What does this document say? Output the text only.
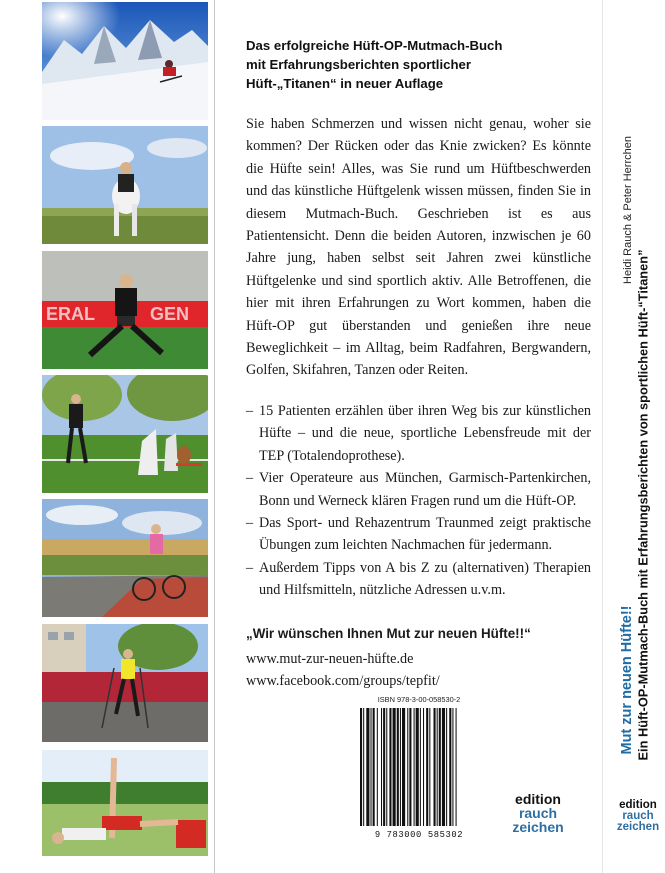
ERAL	GEN
Das erfolgreiche Hüft-OP-Mutmach-Buch
mit Erfahrungsberichten sportlicher
Hüft-„Titanen“ in neuer Auflage

Sie haben Schmerzen und wissen nicht genau, woher sie kommen? Der Rücken oder das Knie zwicken? Es könnte die Hüfte sein! Alles, was Sie rund um Hüftbeschwerden und das künstliche Hüftgelenk wissen müssen, finden Sie in diesem Mutmach-Buch. Geschrieben ist es aus Patientensicht. Denn die beiden Autoren, inzwischen je 60 Jahre jung, haben selbst seit Jahren zwei künstliche Hüftgelenke und sind sportlich aktiv. Alle Betroffenen, die hier mit ihren Erfahrungen zu Wort kommen, haben die Hüft-OP gut überstanden und genießen ihre neue Beweglichkeit – im Alltag, beim Radfahren, Bergwandern, Golfen, Skifahren, Tanzen oder Reiten.

– 15 Patienten erzählen über ihren Weg bis zur künstlichen Hüfte – und die neue, sportliche Lebensfreude mit der TEP (Totalendoprothese).
– Vier Operateure aus München, Garmisch-Partenkirchen, Bonn und Werneck klären Fragen rund um die Hüft-OP.
– Das Sport- und Rehazentrum Traunmed zeigt praktische Übungen zum leichten Nachmachen für jedermann.
– Außerdem Tipps von A bis Z zu (alternativen) Therapien und Hilfsmitteln, nützliche Adressen u.v.m.
„Wir wünschen Ihnen Mut zur neuen Hüfte!!“

www.mut-zur-neuen-hüfte.de

www.facebook.com/groups/tepfit/

ISBN 978-3-00-058530-2
9 783000 585302
edition
rauch
zeichen
Heidi Rauch & Peter Herrchen
Ein Hüft-OP-Mutmach-Buch mit Erfahrungsberichten von sportlichen Hüft-“Titanen”
Mut zur neuen Hüfte!!
edition
rauch
zeichen
